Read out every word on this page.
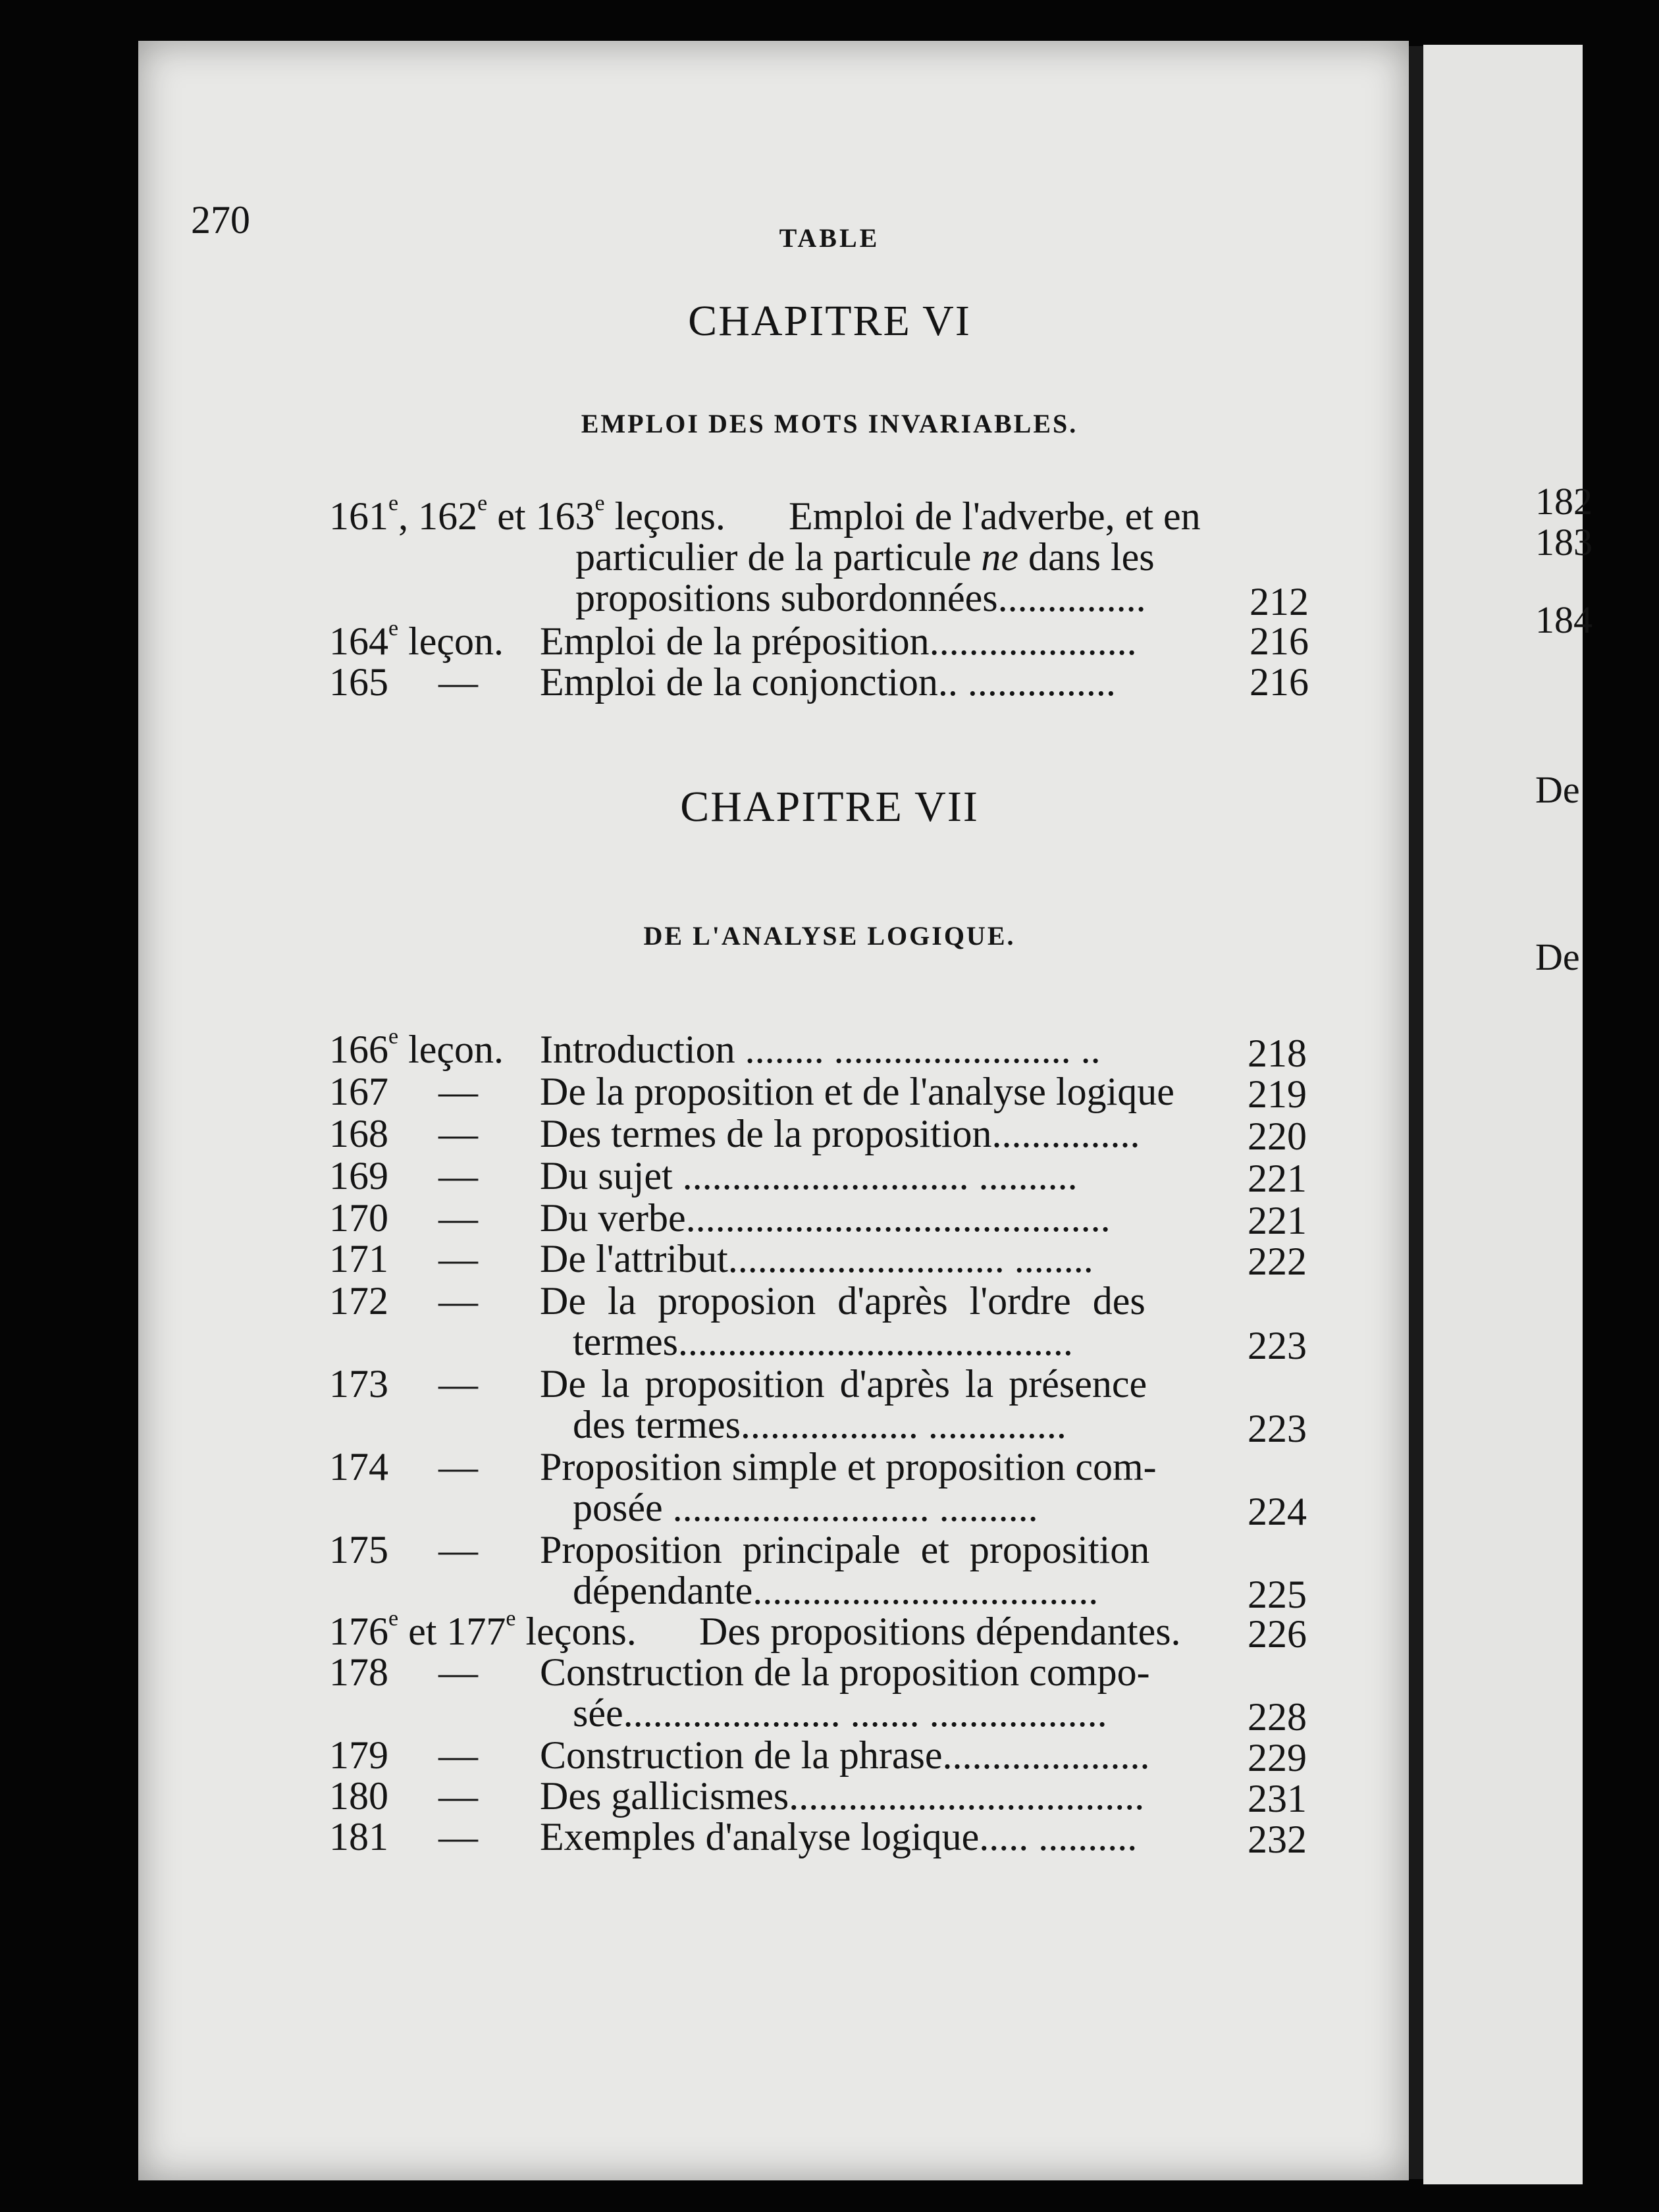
182
183
184
De
De
270	TABLE
CHAPITRE VI
EMPLOI DES MOTS INVARIABLES.
161e, 162e et 163e leçons. Emploi de l'adverbe, et en
particulier de la particule ne dans les
propositions subordonnées...............	212
164e leçon. Emploi de la préposition.....................	216
165 — Emploi de la conjonction.. ...............	216
CHAPITRE VII
DE L'ANALYSE LOGIQUE.
166e leçon. Introduction ........ ........................ ..	218
167 — De la proposition et de l'analyse logique 219
168 — Des termes de la proposition...............	220
169 — Du sujet ............................. ..........	221
170 — Du verbe...........................................	221
171 — De l'attribut............................ ........	222
172 — De la proposion d'après l'ordre des
termes........................................	223
173 — De la proposition d'après la présence
des termes.................. ..............	223
174 — Proposition simple et proposition com-
posée .......................... ..........	224
175 — Proposition principale et proposition
dépendante...................................	225
176e et 177e leçons. Des propositions dépendantes. 226
178 — Construction de la proposition compo-
sée...................... ....... ..................	228
179 — Construction de la phrase..................... 229
180 — Des gallicismes....................................	231
181 — Exemples d'analyse logique..... ..........	232
